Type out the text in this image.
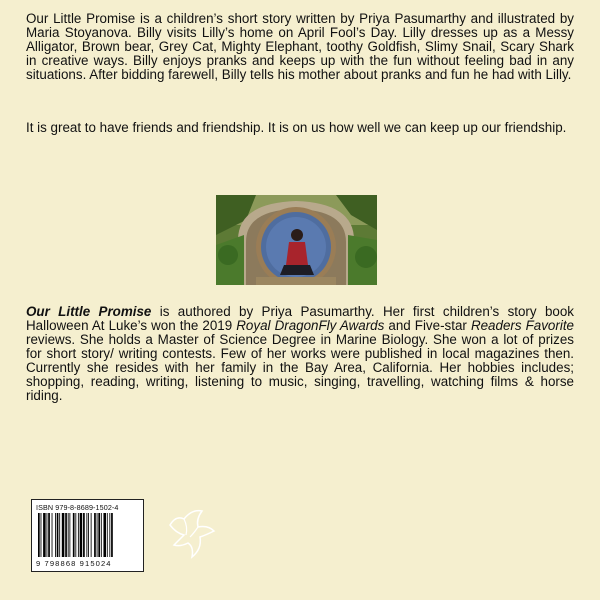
Our Little Promise is a children’s short story written by Priya Pasumarthy and illustrated by Maria Stoyanova. Billy visits Lilly’s home on April Fool’s Day. Lilly dresses up as a Messy Alligator, Brown bear, Grey Cat, Mighty Elephant, toothy Goldfish, Slimy Snail, Scary Shark in creative ways. Billy enjoys pranks and keeps up with the fun without feeling bad in any situations. After bidding farewell, Billy tells his mother about pranks and fun he had with Lilly.

It is great to have friends and friendship. It is on us how well we can keep up our friendship.

Our Little Promise is authored by Priya Pasumarthy. Her first children’s story book Halloween At Luke’s won the 2019 Royal DragonFly Awards and Five-star Readers Favorite reviews. She holds a Master of Science Degree in Marine Biology. She won a lot of prizes for short story/ writing contests. Few of her works were published in local magazines then. Currently she resides with her family in the Bay Area, California. Her hobbies includes; shopping, reading, writing, listening to music, singing, travelling, watching films & horse riding.

ISBN 979-8-8689-1502-4
9 798868 915024
